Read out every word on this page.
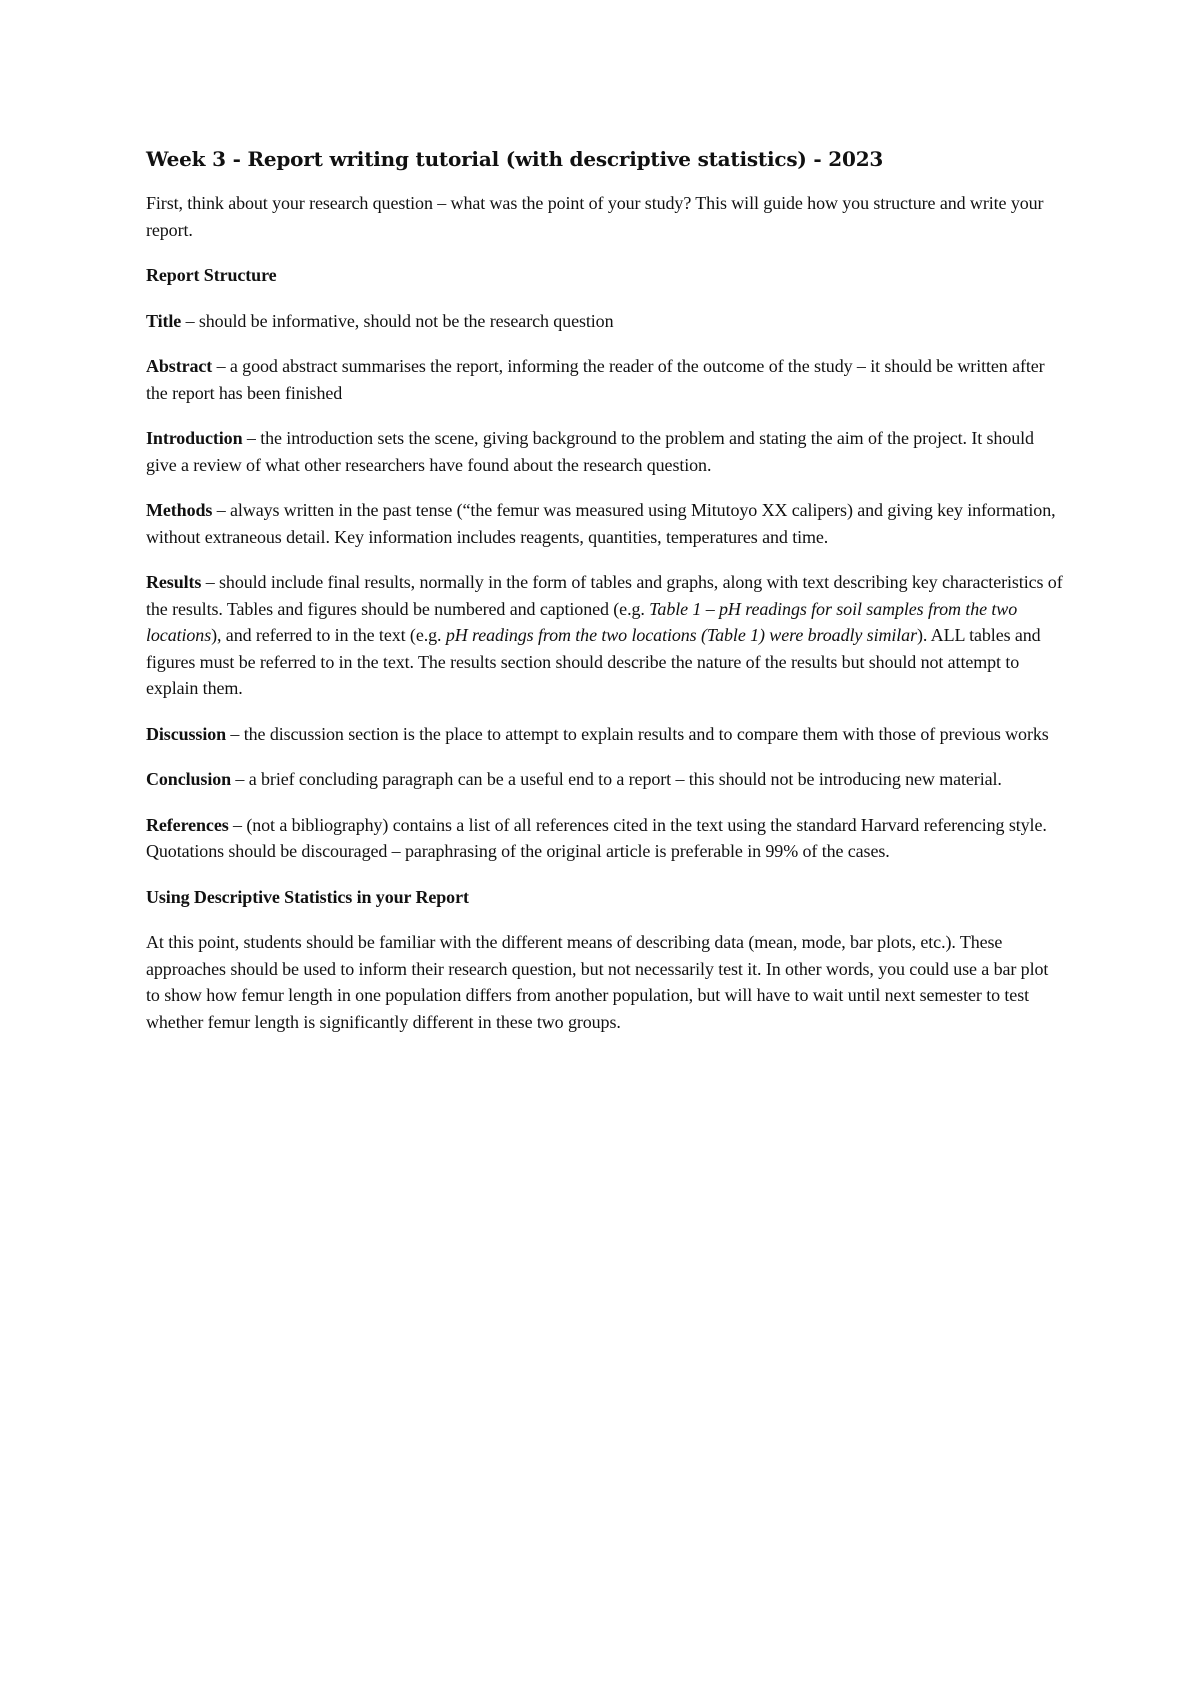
Week 3 - Report writing tutorial (with descriptive statistics) - 2023

First, think about your research question – what was the point of your study? This will guide how you structure and write your report.

Report Structure

Title – should be informative, should not be the research question

Abstract – a good abstract summarises the report, informing the reader of the outcome of the study – it should be written after the report has been finished

Introduction – the introduction sets the scene, giving background to the problem and stating the aim of the project. It should give a review of what other researchers have found about the research question.

Methods – always written in the past tense (“the femur was measured using Mitutoyo XX calipers) and giving key information, without extraneous detail. Key information includes reagents, quantities, temperatures and time.

Results – should include final results, normally in the form of tables and graphs, along with text describing key characteristics of the results. Tables and figures should be numbered and captioned (e.g. Table 1 – pH readings for soil samples from the two locations), and referred to in the text (e.g. pH readings from the two locations (Table 1) were broadly similar). ALL tables and figures must be referred to in the text. The results section should describe the nature of the results but should not attempt to explain them.

Discussion – the discussion section is the place to attempt to explain results and to compare them with those of previous works

Conclusion – a brief concluding paragraph can be a useful end to a report – this should not be introducing new material.

References – (not a bibliography) contains a list of all references cited in the text using the standard Harvard referencing style. Quotations should be discouraged – paraphrasing of the original article is preferable in 99% of the cases.

Using Descriptive Statistics in your Report

At this point, students should be familiar with the different means of describing data (mean, mode, bar plots, etc.). These approaches should be used to inform their research question, but not necessarily test it. In other words, you could use a bar plot to show how femur length in one population differs from another population, but will have to wait until next semester to test whether femur length is significantly different in these two groups.
